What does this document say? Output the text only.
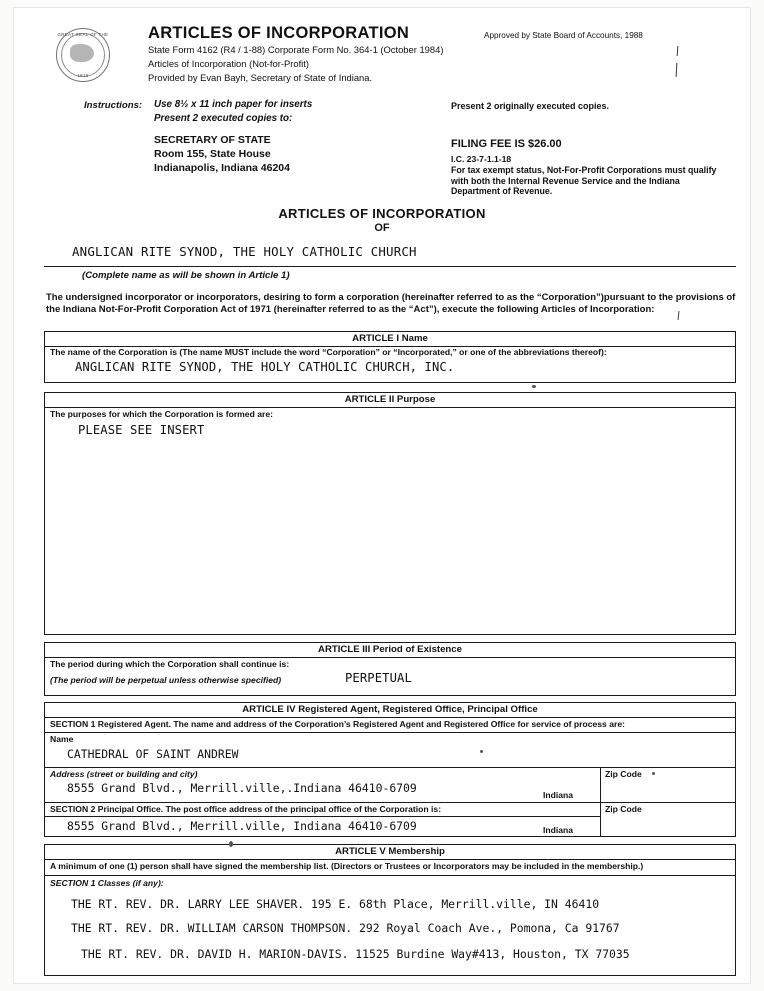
GREAT SEAL OF THE
1816
ARTICLES OF INCORPORATION
State Form 4162 (R4 / 1-88) Corporate Form No. 364-1 (October 1984)
Articles of Incorporation (Not-for-Profit)
Provided by Evan Bayh, Secretary of State of Indiana.
Approved by State Board of Accounts, 1988
Instructions: Use 8½ x 11 inch paper for inserts
Present 2 executed copies to:
Present 2 originally executed copies.
SECRETARY OF STATE
Room 155, State House
Indianapolis, Indiana 46204
FILING FEE IS $26.00
I.C. 23-7-1.1-18
For tax exempt status, Not-For-Profit Corporations must qualify with both the Internal Revenue Service and the Indiana Department of Revenue.
ARTICLES OF INCORPORATION
OF
ANGLICAN RITE SYNOD, THE HOLY CATHOLIC CHURCH
(Complete name as will be shown in Article 1)
The undersigned incorporator or incorporators, desiring to form a corporation (hereinafter referred to as the “Corporation”)pursuant to the provisions of the Indiana Not-For-Profit Corporation Act of 1971 (hereinafter referred to as the “Act”), execute the following Articles of Incorporation:
ARTICLE I Name
The name of the Corporation is (The name MUST include the word “Corporation” or “Incorporated,” or one of the abbreviations thereof):
ANGLICAN RITE SYNOD, THE HOLY CATHOLIC CHURCH, INC.
ARTICLE II Purpose
The purposes for which the Corporation is formed are:
PLEASE SEE INSERT
ARTICLE III Period of Existence
The period during which the Corporation shall continue is:
(The period will be perpetual unless otherwise specified)	PERPETUAL
ARTICLE IV Registered Agent, Registered Office, Principal Office
SECTION 1 Registered Agent. The name and address of the Corporation’s Registered Agent and Registered Office for service of process are:
Name
CATHEDRAL OF SAINT ANDREW
Address (street or building and city)
8555 Grand Blvd., Merrill.ville,.Indiana 46410-6709	Indiana
Zip Code
SECTION 2 Principal Office. The post office address of the principal office of the Corporation is:	Zip Code
8555 Grand Blvd., Merrill.ville, Indiana 46410-6709	Indiana
ARTICLE V Membership
A minimum of one (1) person shall have signed the membership list. (Directors or Trustees or Incorporators may be included in the membership.)
SECTION 1 Classes (if any):
THE RT. REV. DR. LARRY LEE SHAVER. 195 E. 68th Place, Merrill.ville, IN 46410
THE RT. REV. DR. WILLIAM CARSON THOMPSON. 292 Royal Coach Ave., Pomona, Ca 91767
THE RT. REV. DR. DAVID H. MARION-DAVIS. 11525 Burdine Way#413, Houston, TX 77035
